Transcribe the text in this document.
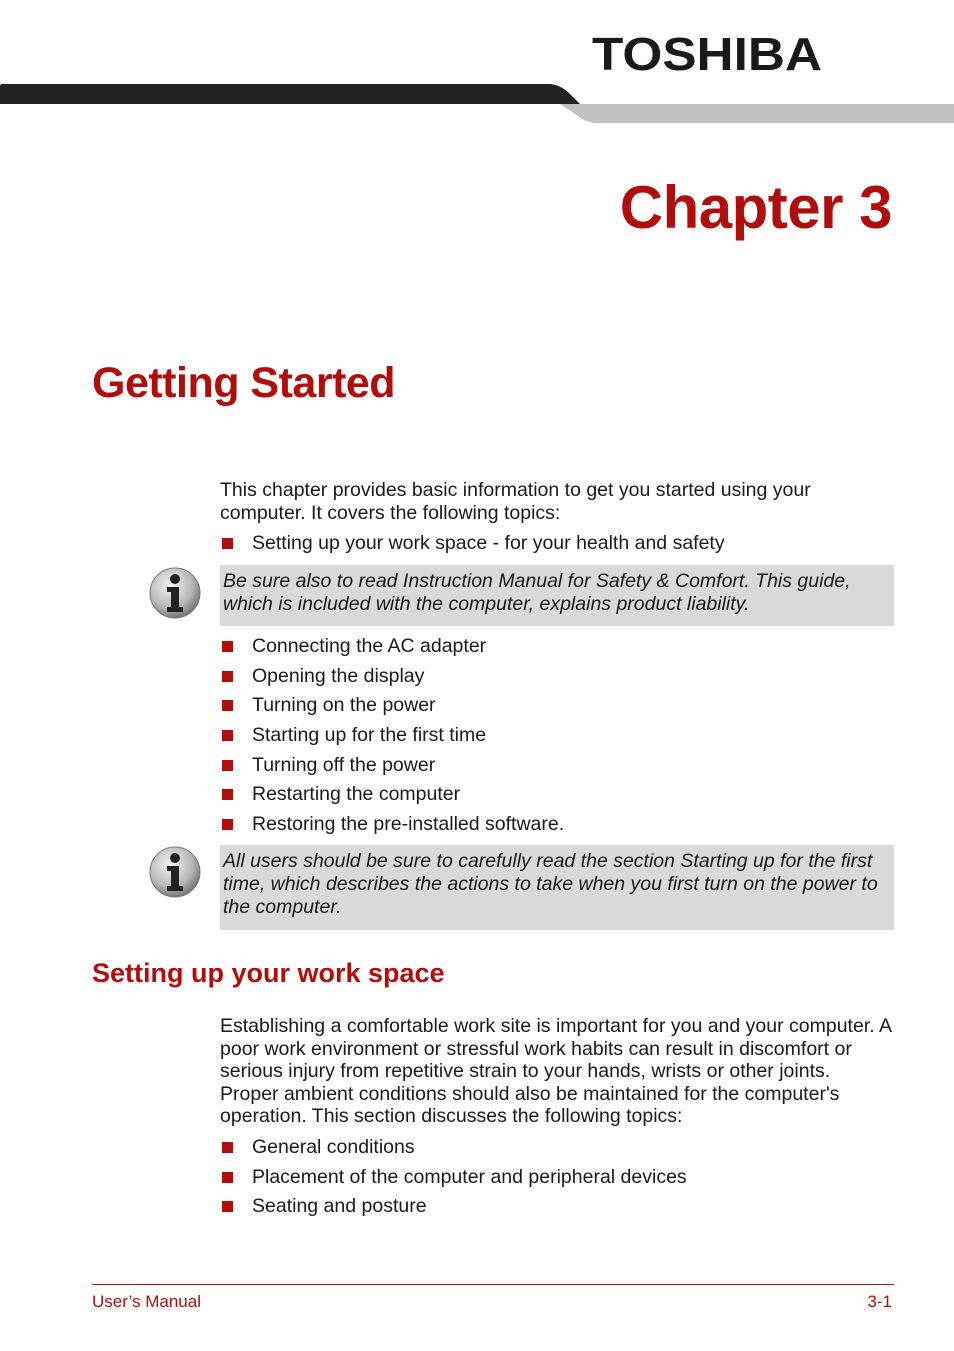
TOSHIBA
Chapter 3
Getting Started

This chapter provides basic information to get you started using your computer. It covers the following topics:

Setting up your work space - for your health and safety
Be sure also to read Instruction Manual for Safety & Comfort. This guide, which is included with the computer, explains product liability.
Connecting the AC adapter
Opening the display
Turning on the power
Starting up for the first time
Turning off the power
Restarting the computer
Restoring the pre-installed software.
All users should be sure to carefully read the section Starting up for the first time, which describes the actions to take when you first turn on the power to the computer.
Setting up your work space

Establishing a comfortable work site is important for you and your computer. A poor work environment or stressful work habits can result in discomfort or serious injury from repetitive strain to your hands, wrists or other joints. Proper ambient conditions should also be maintained for the computer's operation. This section discusses the following topics:

General conditions
Placement of the computer and peripheral devices
Seating and posture
User’s Manual	3-1
